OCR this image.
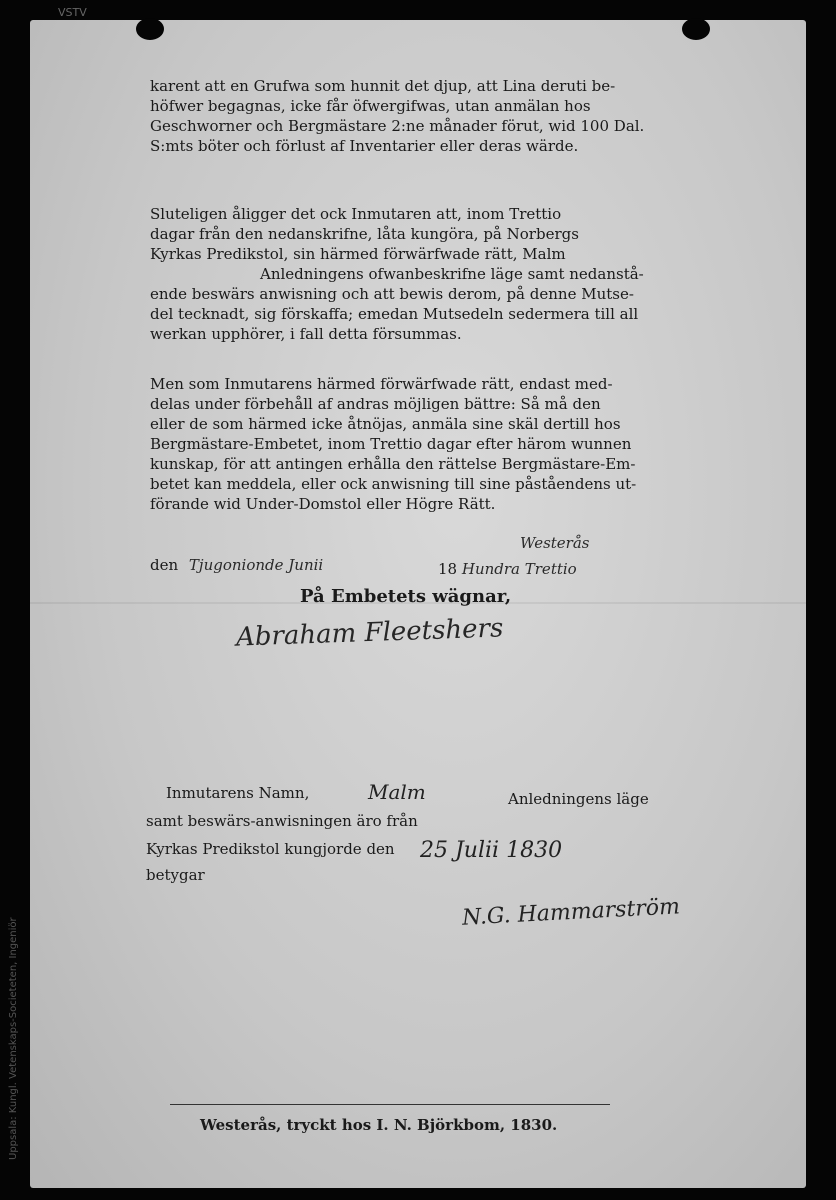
VSTV
Uppsala: Kungl. Vetenskaps-Societeten, Ingeniör
karent att en Grufwa som hunnit det djup, att Lina deruti be-
höfwer begagnas, icke får öfwergifwas, utan anmälan hos
Geschworner och Bergmästare 2:ne månader förut, wid 100 Dal.
S:mts böter och förlust af Inventarier eller deras wärde.
Sluteligen åligger det ock Inmutaren att, inom Trettio
dagar från den nedanskrifne, låta kungöra, på Norbergs
Kyrkas Predikstol, sin härmed förwärfwade rätt, Malm
Anledningens ofwanbeskrifne läge samt nedanstå-
ende beswärs anwisning och att bewis derom, på denne Mutse-
del tecknadt, sig förskaffa; emedan Mutsedeln sedermera till all
werkan upphörer, i fall detta försummas.
Men som Inmutarens härmed förwärfwade rätt, endast med-
delas under förbehåll af andras möjligen bättre: Så må den
eller de som härmed icke åtnöjas, anmäla sine skäl dertill hos
Bergmästare-Embetet, inom Trettio dagar efter härom wunnen
kunskap, för att antingen erhålla den rättelse Bergmästare-Em-
betet kan meddela, eller ock anwisning till sine påståendens ut-
förande wid Under-Domstol eller Högre Rätt.
Westerås
den Tjugonionde Junii	18 Hundra Trettio
På Embetets wägnar,
Abraham Fleetshers
Inmutarens Namn,	Malm	Anledningens läge
samt beswärs-anwisningen äro från
Kyrkas Predikstol kungjorde den 25 Julii 1830
betygar
N.G. Hammarström
Westerås, tryckt hos I. N. Björkbom, 1830.
